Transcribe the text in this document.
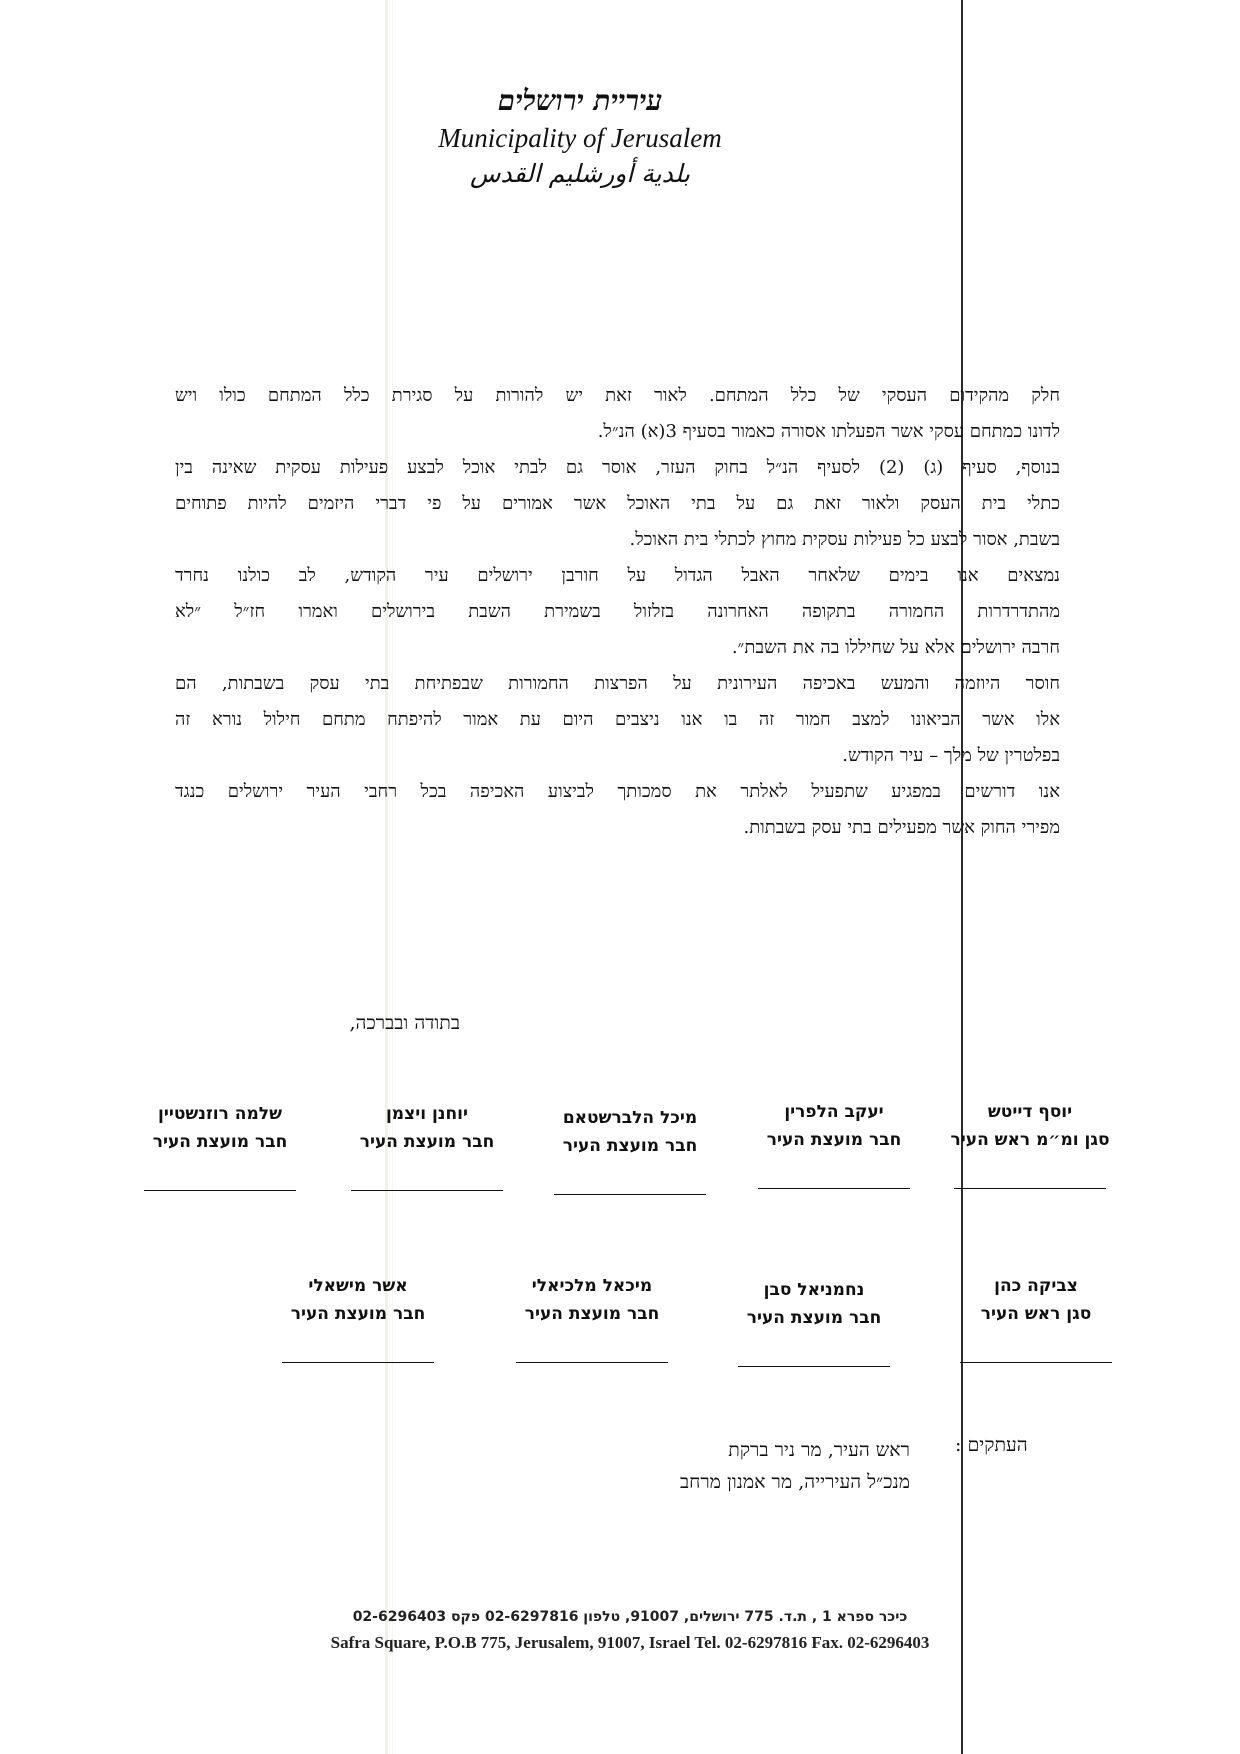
עיריית ירושלים
Municipality of Jerusalem
بلدية أورشليم القدس
חלק מהקידום העסקי של כלל המתחם. לאור זאת יש להורות על סגירת כלל המתחם כולו ויש
לדונו כמתחם עסקי אשר הפעלתו אסורה כאמור בסעיף 3(א) הנ״ל.
בנוסף, סעיף (ג) (2) לסעיף הנ״ל בחוק העזר, אוסר גם לבתי אוכל לבצע פעילות עסקית שאינה בין
כתלי בית העסק ולאור זאת גם על בתי האוכל אשר אמורים על פי דברי היזמים להיות פתוחים
בשבת, אסור לבצע כל פעילות עסקית מחוץ לכתלי בית האוכל.
נמצאים אנו בימים שלאחר האבל הגדול על חורבן ירושלים עיר הקודש, לב כולנו נחרד
מהתדרדרות החמורה בתקופה האחרונה בזלזול בשמירת השבת בירושלים ואמרו חז״ל ״לא
חרבה ירושלים אלא על שחיללו בה את השבת״.
חוסר היוזמה והמעש באכיפה העירונית על הפרצות החמורות שבפתיחת בתי עסק בשבתות, הם
אלו אשר הביאונו למצב חמור זה בו אנו ניצבים היום עת אמור להיפתח מתחם חילול נורא זה
בפלטרין של מלך – עיר הקודש.
אנו דורשים במפגיע שתפעיל לאלתר את סמכותך לביצוע האכיפה בכל רחבי העיר ירושלים כנגד
מפירי החוק אשר מפעילים בתי עסק בשבתות.
בתודה ובברכה,
יוסף דייטש
סגן ומ״מ ראש העיר
יעקב הלפרין
חבר מועצת העיר
מיכל הלברשטאם
חבר מועצת העיר
יוחנן ויצמן
חבר מועצת העיר
שלמה רוזנשטיין
חבר מועצת העיר
צביקה כהן
סגן ראש העיר
נחמניאל סבן
חבר מועצת העיר
מיכאל מלכיאלי
חבר מועצת העיר
אשר מישאלי
חבר מועצת העיר
העתקים :
ראש העיר, מר ניר ברקת
מנכ״ל העירייה, מר אמנון מרחב
כיכר ספרא 1 , ת.ד. 775 ירושלים, 91007, טלפון 02-6297816 פקס 02-6296403
Safra Square, P.O.B 775, Jerusalem, 91007, Israel Tel. 02-6297816 Fax. 02-6296403
